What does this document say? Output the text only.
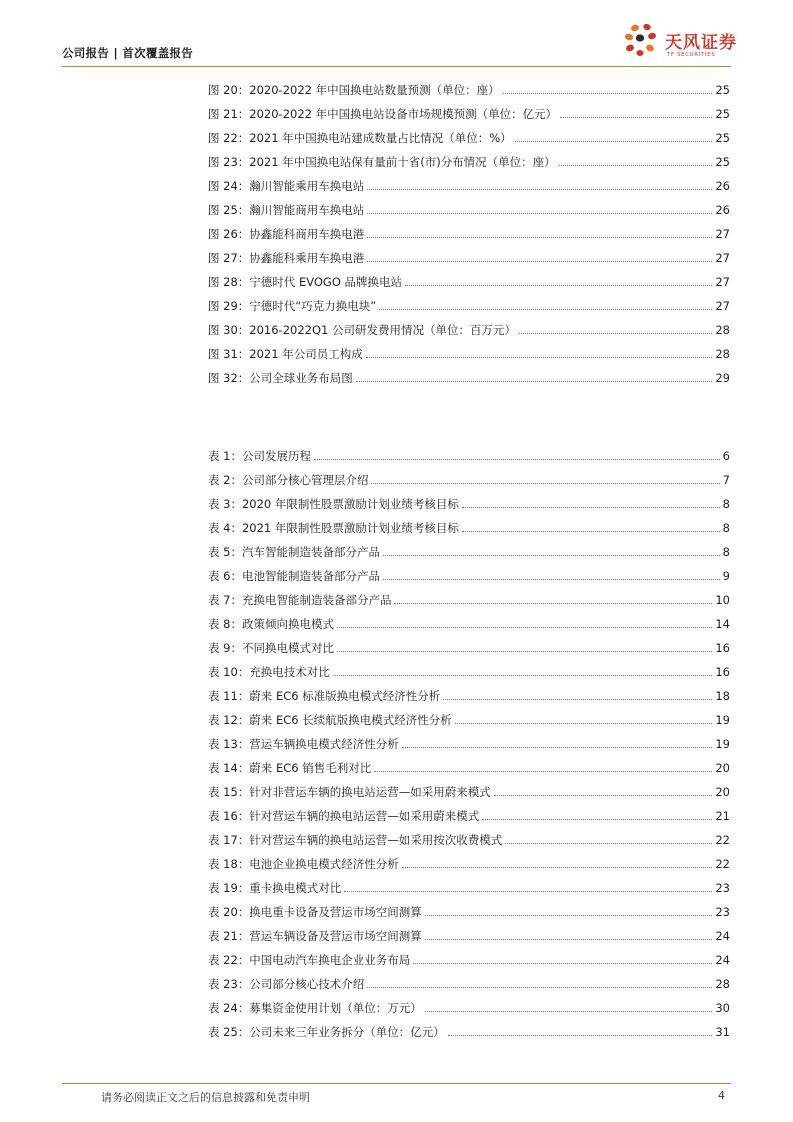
公司报告 | 首次覆盖报告	天风证券
TF SECURITIES
图 20：2020-2022 年中国换电站数量预测（单位：座）	25
图 21：2020-2022 年中国换电站设备市场规模预测（单位：亿元）	25
图 22：2021 年中国换电站建成数量占比情况（单位：%）	25
图 23：2021 年中国换电站保有量前十省(市)分布情况（单位：座）	25
图 24：瀚川智能乘用车换电站	26
图 25：瀚川智能商用车换电站	26
图 26：协鑫能科商用车换电港	27
图 27：协鑫能科乘用车换电港	27
图 28：宁德时代 EVOGO 品牌换电站	27
图 29：宁德时代“巧克力换电块”	27
图 30：2016-2022Q1 公司研发费用情况（单位：百万元）	28
图 31：2021 年公司员工构成	28
图 32：公司全球业务布局图	29
表 1：公司发展历程	6
表 2：公司部分核心管理层介绍	7
表 3：2020 年限制性股票激励计划业绩考核目标	8
表 4：2021 年限制性股票激励计划业绩考核目标	8
表 5：汽车智能制造装备部分产品	8
表 6：电池智能制造装备部分产品	9
表 7：充换电智能制造装备部分产品	10
表 8：政策倾向换电模式	14
表 9：不同换电模式对比	16
表 10：充换电技术对比	16
表 11：蔚来 EC6 标准版换电模式经济性分析	18
表 12：蔚来 EC6 长续航版换电模式经济性分析	19
表 13：营运车辆换电模式经济性分析	19
表 14：蔚来 EC6 销售毛利对比	20
表 15：针对非营运车辆的换电站运营—如采用蔚来模式	20
表 16：针对营运车辆的换电站运营—如采用蔚来模式	21
表 17：针对营运车辆的换电站运营—如采用按次收费模式	22
表 18：电池企业换电模式经济性分析	22
表 19：重卡换电模式对比	23
表 20：换电重卡设备及营运市场空间测算	23
表 21：营运车辆设备及营运市场空间测算	24
表 22：中国电动汽车换电企业业务布局	24
表 23：公司部分核心技术介绍	28
表 24：募集资金使用计划（单位：万元）	30
表 25：公司未来三年业务拆分（单位：亿元）	31
请务必阅读正文之后的信息披露和免责申明	4
